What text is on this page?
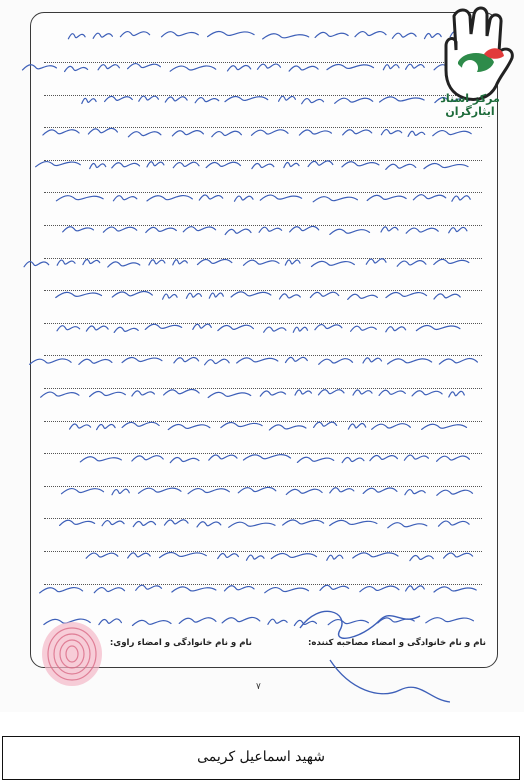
مرکز اسناد ایثارگران
نام و نام خانوادگی و امضاء مصاحبه کننده:
نام و نام خانوادگی و امضاء راوی:
۷
شهید اسماعیل کریمی
